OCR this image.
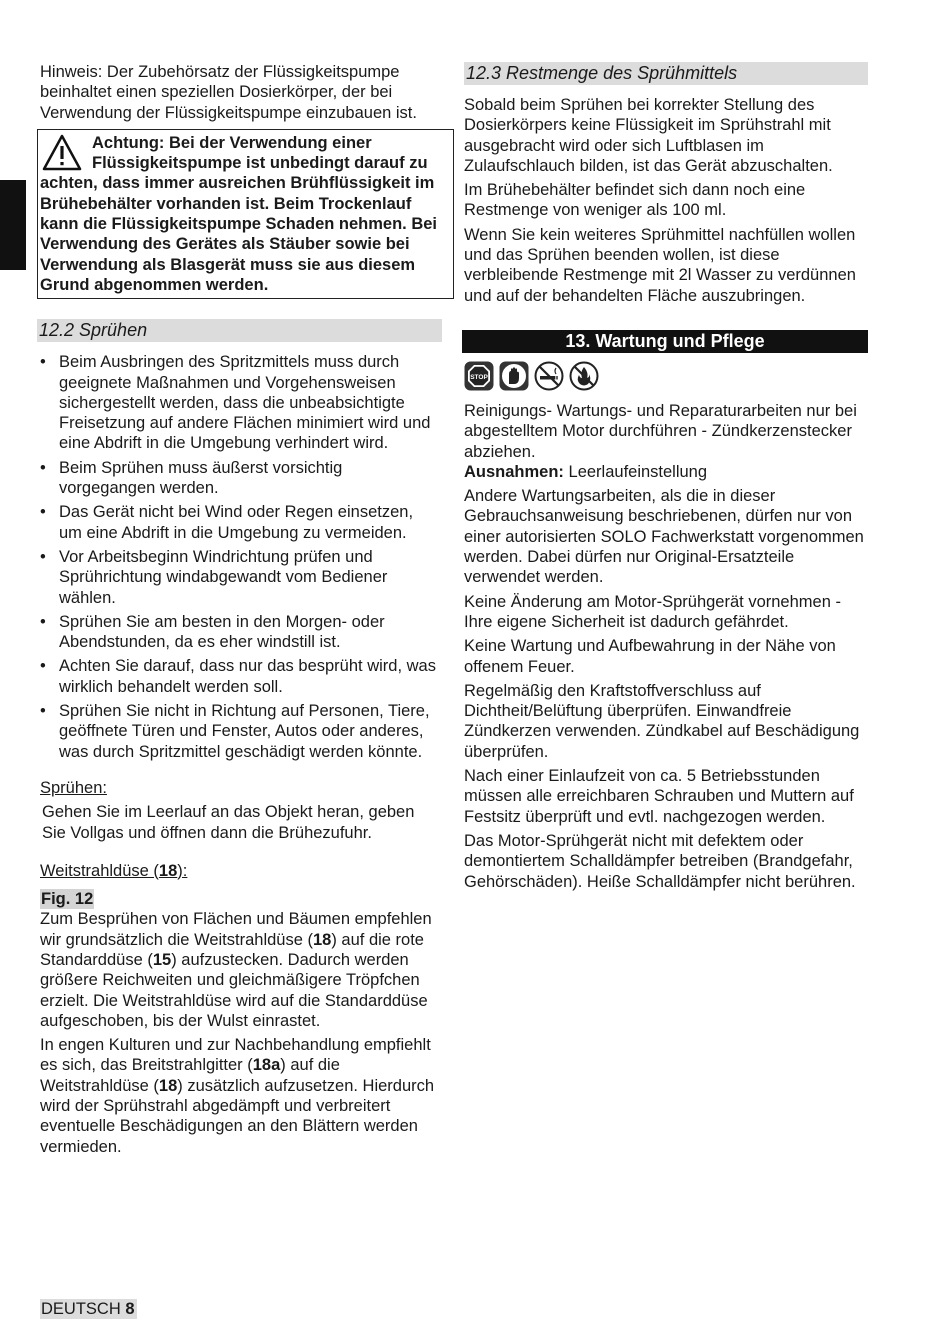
Hinweis: Der Zubehörsatz der Flüssigkeitspumpe beinhaltet einen speziellen Dosierkörper, der bei Verwendung der Flüssigkeitspumpe einzubauen ist.

Achtung: Bei der Verwendung einer Flüssigkeitspumpe ist unbedingt darauf zu achten, dass immer ausreichen Brühflüssigkeit im Brühebehälter vorhanden ist. Beim Trockenlauf kann die Flüssigkeitspumpe Schaden nehmen. Bei Verwendung des Gerätes als Stäuber sowie bei Verwendung als Blasgerät muss sie aus diesem Grund abgenommen werden.
12.2 Sprühen
• Beim Ausbringen des Spritzmittels muss durch geeignete Maßnahmen und Vorgehensweisen sichergestellt werden, dass die unbeabsichtigte Freisetzung auf andere Flächen minimiert wird und eine Abdrift in die Umgebung verhindert wird.
• Beim Sprühen muss äußerst vorsichtig vorgegangen werden.
• Das Gerät nicht bei Wind oder Regen einsetzen, um eine Abdrift in die Umgebung zu vermeiden.
• Vor Arbeitsbeginn Windrichtung prüfen und Sprührichtung windabgewandt vom Bediener wählen.
• Sprühen Sie am besten in den Morgen- oder Abendstunden, da es eher windstill ist.
• Achten Sie darauf, dass nur das besprüht wird, was wirklich behandelt werden soll.
• Sprühen Sie nicht in Richtung auf Personen, Tiere, geöffnete Türen und Fenster, Autos oder anderes, was durch Spritzmittel geschädigt werden könnte.

Sprühen:

Gehen Sie im Leerlauf an das Objekt heran, geben Sie Vollgas und öffnen dann die Brühezufuhr.

Weitstrahldüse (18):

Fig. 12

Zum Besprühen von Flächen und Bäumen empfehlen wir grundsätzlich die Weitstrahldüse (18) auf die rote Standarddüse (15) aufzustecken. Dadurch werden größere Reichweiten und gleichmäßigere Tröpfchen erzielt. Die Weitstrahldüse wird auf die Standarddüse aufgeschoben, bis der Wulst einrastet.

In engen Kulturen und zur Nachbehandlung empfiehlt es sich, das Breitstrahlgitter (18a) auf die Weitstrahldüse (18) zusätzlich aufzusetzen. Hierdurch wird der Sprühstrahl abgedämpft und verbreitert eventuelle Beschädigungen an den Blättern werden vermieden.

12.3 Restmenge des Sprühmittels

Sobald beim Sprühen bei korrekter Stellung des Dosierkörpers keine Flüssigkeit im Sprühstrahl mit ausgebracht wird oder sich Luftblasen im Zulaufschlauch bilden, ist das Gerät abzuschalten.

Im Brühebehälter befindet sich dann noch eine Restmenge von weniger als 100 ml.

Wenn Sie kein weiteres Sprühmittel nachfüllen wollen und das Sprühen beenden wollen, ist diese verbleibende Restmenge mit 2l Wasser zu verdünnen und auf der behandelten Fläche auszubringen.

13. Wartung und Pflege
STOP

Reinigungs- Wartungs- und Reparaturarbeiten nur bei abgestelltem Motor durchführen - Zündkerzenstecker abziehen.

Ausnahmen: Leerlaufeinstellung

Andere Wartungsarbeiten, als die in dieser Gebrauchsanweisung beschriebenen, dürfen nur von einer autorisierten SOLO Fachwerkstatt vorgenommen werden. Dabei dürfen nur Original-Ersatzteile verwendet werden.

Keine Änderung am Motor-Sprühgerät vornehmen - Ihre eigene Sicherheit ist dadurch gefährdet.

Keine Wartung und Aufbewahrung in der Nähe von offenem Feuer.

Regelmäßig den Kraftstoffverschluss auf Dichtheit/Belüftung überprüfen. Einwandfreie Zündkerzen verwenden. Zündkabel auf Beschädigung überprüfen.

Nach einer Einlaufzeit von ca. 5 Betriebsstunden müssen alle erreichbaren Schrauben und Muttern auf Festsitz überprüft und evtl. nachgezogen werden.

Das Motor-Sprühgerät nicht mit defektem oder demontiertem Schalldämpfer betreiben (Brandgefahr, Gehörschäden). Heiße Schalldämpfer nicht berühren.

DEUTSCH 8
